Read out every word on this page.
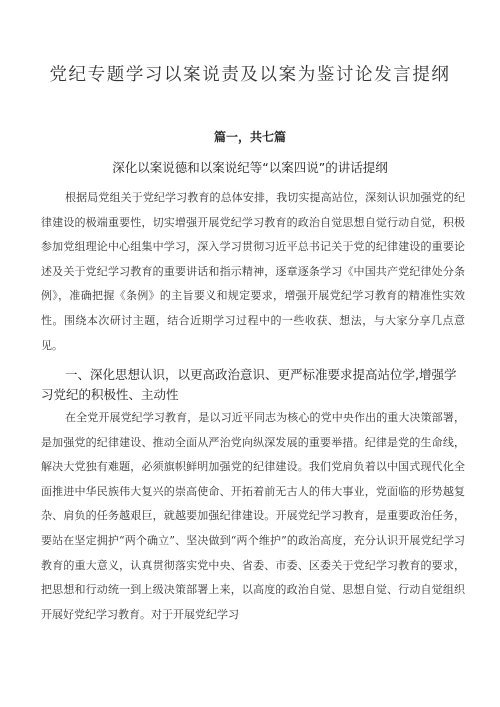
党纪专题学习以案说责及以案为鉴讨论发言提纲
篇一，共七篇
深化以案说德和以案说纪等“以案四说”的讲话提纲

根据局党组关于党纪学习教育的总体安排，我切实提高站位，深刻认识加强党的纪律建设的极端重要性，切实增强开展党纪学习教育的政治自觉思想自觉行动自觉，积极参加党组理论中心组集中学习，深入学习贯彻习近平总书记关于党的纪律建设的重要论述及关于党纪学习教育的重要讲话和指示精神，逐章逐条学习《中国共产党纪律处分条例》，准确把握《条例》的主旨要义和规定要求，增强开展党纪学习教育的精准性实效性。围绕本次研讨主题，结合近期学习过程中的一些收获、想法，与大家分享几点意见。

一、深化思想认识，以更高政治意识、更严标准要求提高站位学,增强学习党纪的积极性、主动性

在全党开展党纪学习教育，是以习近平同志为核心的党中央作出的重大决策部署，是加强党的纪律建设、推动全面从严治党向纵深发展的重要举措。纪律是党的生命线，解决大党独有难题，必须旗帜鲜明加强党的纪律建设。我们党肩负着以中国式现代化全面推进中华民族伟大复兴的崇高使命、开拓着前无古人的伟大事业，党面临的形势越复杂、肩负的任务越艰巨，就越要加强纪律建设。开展党纪学习教育，是重要政治任务，要站在坚定拥护“两个确立”、坚决做到“两个维护”的政治高度，充分认识开展党纪学习教育的重大意义，认真贯彻落实党中央、省委、市委、区委关于党纪学习教育的要求，把思想和行动统一到上级决策部署上来，以高度的政治自觉、思想自觉、行动自觉组织开展好党纪学习教育。对于开展党纪学习
